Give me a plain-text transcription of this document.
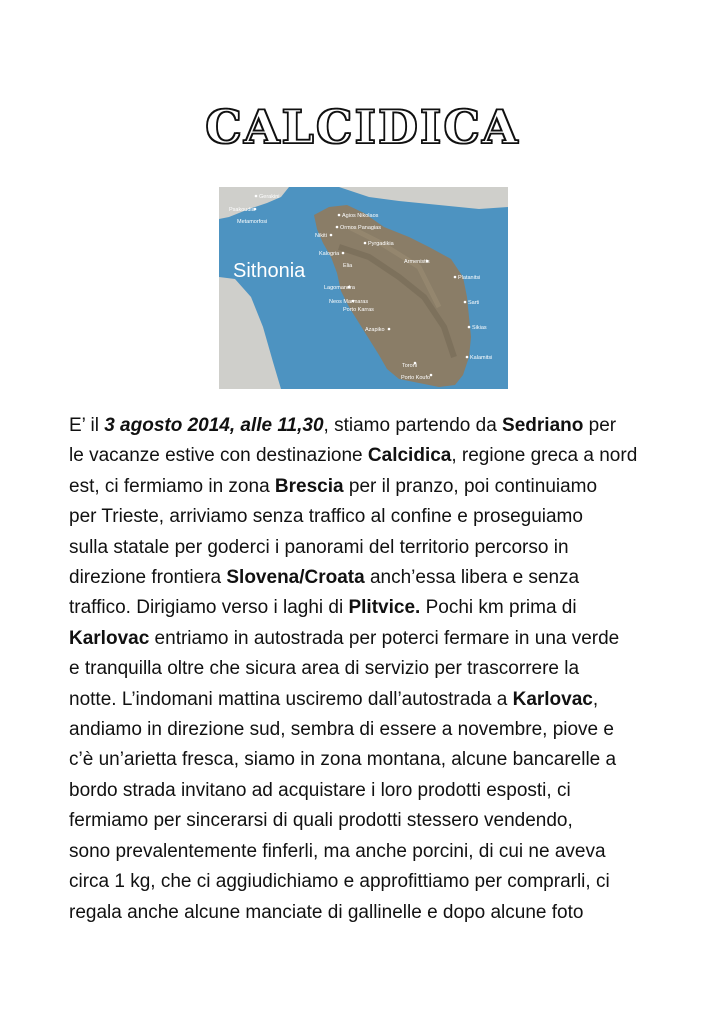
CALCIDICA
Sithonia
Gerakini
Psakoudia
Metamorfosi
Agios Nikolaos
Ormos Panagias
Nikiti
Pyrgadikia
Kalogria
Elia
Armenistis
Platanitsi
Lagomandra
Neos Marmaras
Porto Karras
Sarti
Azapiko	Sikias
Kalamitsi
Toroni
Porto Koufo

E’ il 3 agosto 2014, alle 11,30, stiamo partendo da Sedriano per
le vacanze estive con destinazione Calcidica, regione greca a nord
est, ci fermiamo in zona Brescia per il pranzo, poi continuiamo
per Trieste, arriviamo senza traffico al confine e proseguiamo
sulla statale per goderci i panorami del territorio percorso in
direzione frontiera Slovena/Croata anch’essa libera e senza
traffico. Dirigiamo verso i laghi di Plitvice. Pochi km prima di
Karlovac entriamo in autostrada per poterci fermare in una verde
e tranquilla oltre che sicura area di servizio per trascorrere la
notte. L’indomani mattina usciremo dall’autostrada a Karlovac,
andiamo in direzione sud, sembra di essere a novembre, piove e
c’è un’arietta fresca, siamo in zona montana, alcune bancarelle a
bordo strada invitano ad acquistare i loro prodotti esposti, ci
fermiamo per sincerarsi di quali prodotti stessero vendendo,
sono prevalentemente finferli, ma anche porcini, di cui ne aveva
circa 1 kg, che ci aggiudichiamo e approfittiamo per comprarli, ci
regala anche alcune manciate di gallinelle e dopo alcune foto
